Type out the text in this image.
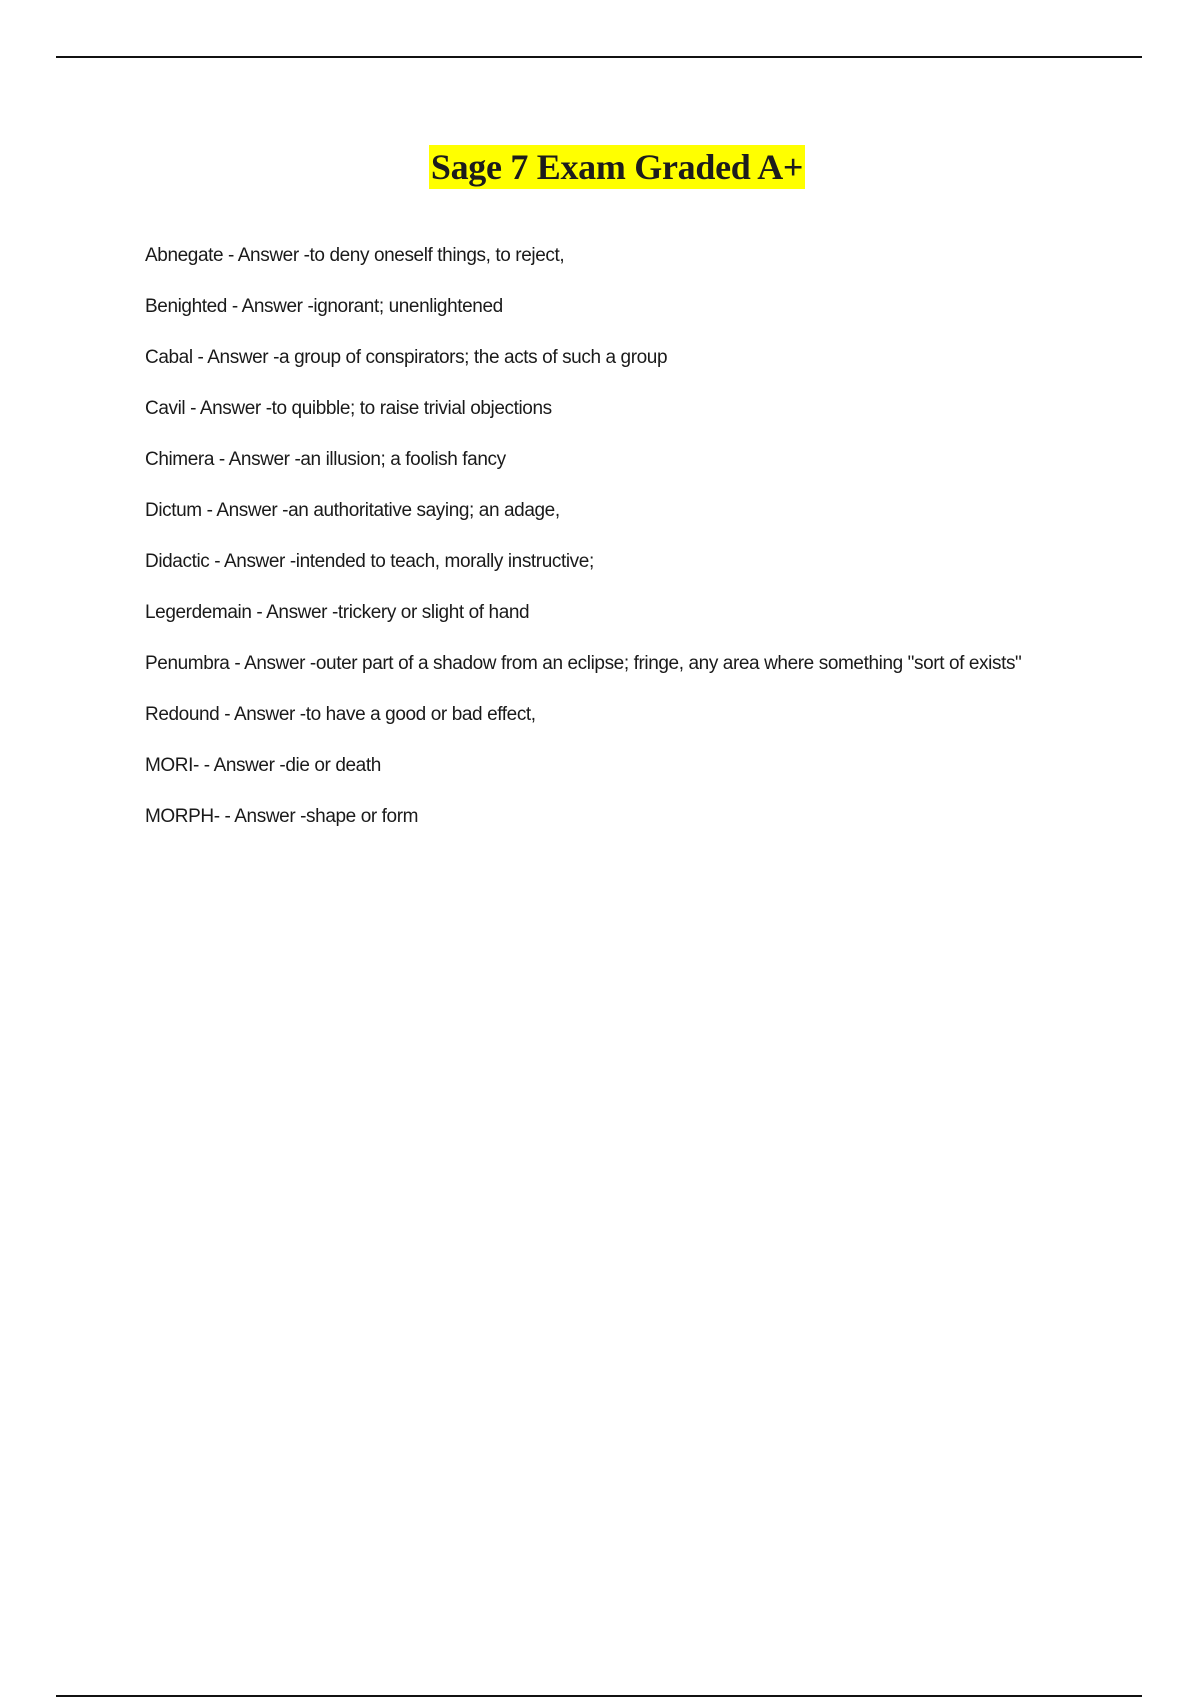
Sage 7 Exam Graded A+

Abnegate - Answer -to deny oneself things, to reject,

Benighted - Answer -ignorant; unenlightened

Cabal - Answer -a group of conspirators; the acts of such a group

Cavil - Answer -to quibble; to raise trivial objections

Chimera - Answer -an illusion; a foolish fancy

Dictum - Answer -an authoritative saying; an adage,

Didactic - Answer -intended to teach, morally instructive;

Legerdemain - Answer -trickery or slight of hand

Penumbra - Answer -outer part of a shadow from an eclipse; fringe, any area where something "sort of exists"

Redound - Answer -to have a good or bad effect,

MORI- - Answer -die or death

MORPH- - Answer -shape or form
